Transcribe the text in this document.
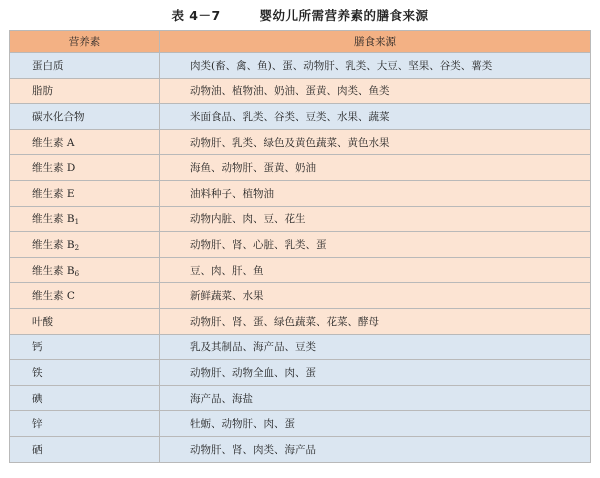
表 4－7	婴幼儿所需营养素的膳食来源
营养素	膳食来源
蛋白质	肉类(畜、禽、鱼)、蛋、动物肝、乳类、大豆、坚果、谷类、薯类
脂肪	动物油、植物油、奶油、蛋黄、肉类、鱼类
碳水化合物	米面食品、乳类、谷类、豆类、水果、蔬菜
维生素 A	动物肝、乳类、绿色及黄色蔬菜、黄色水果
维生素 D	海鱼、动物肝、蛋黄、奶油
维生素 E	油料种子、植物油
维生素 $B_1$	动物内脏、肉、豆、花生
维生素 $B_2$	动物肝、肾、心脏、乳类、蛋
维生素 $B_6$	豆、肉、肝、鱼
维生素 C	新鲜蔬菜、水果
叶酸	动物肝、肾、蛋、绿色蔬菜、花菜、酵母
钙	乳及其制品、海产品、豆类
铁	动物肝、动物全血、肉、蛋
碘	海产品、海盐
锌	牡蛎、动物肝、肉、蛋
硒	动物肝、肾、肉类、海产品
